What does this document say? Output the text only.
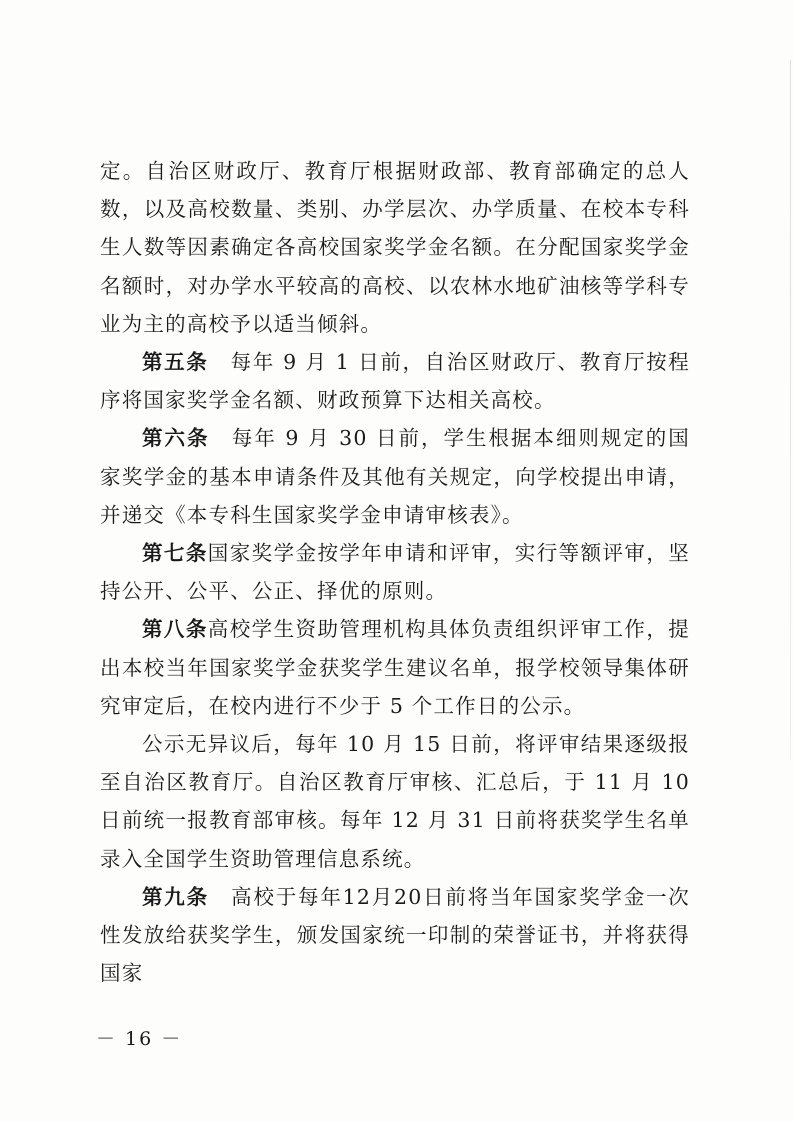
定。自治区财政厅、教育厅根据财政部、教育部确定的总人数，以及高校数量、类别、办学层次、办学质量、在校本专科生人数等因素确定各高校国家奖学金名额。在分配国家奖学金名额时，对办学水平较高的高校、以农林水地矿油核等学科专业为主的高校予以适当倾斜。

第五条　每年 9 月 1 日前，自治区财政厅、教育厅按程序将国家奖学金名额、财政预算下达相关高校。

第六条　每年 9 月 30 日前，学生根据本细则规定的国家奖学金的基本申请条件及其他有关规定，向学校提出申请，并递交《本专科生国家奖学金申请审核表》。

第七条国家奖学金按学年申请和评审，实行等额评审，坚持公开、公平、公正、择优的原则。

第八条高校学生资助管理机构具体负责组织评审工作，提出本校当年国家奖学金获奖学生建议名单，报学校领导集体研究审定后，在校内进行不少于 5 个工作日的公示。

公示无异议后，每年 10 月 15 日前，将评审结果逐级报至自治区教育厅。自治区教育厅审核、汇总后，于 11 月 10 日前统一报教育部审核。每年 12 月 31 日前将获奖学生名单录入全国学生资助管理信息系统。

第九条　高校于每年12月20日前将当年国家奖学金一次性发放给获奖学生，颁发国家统一印制的荣誉证书，并将获得国家

－ 16 －
